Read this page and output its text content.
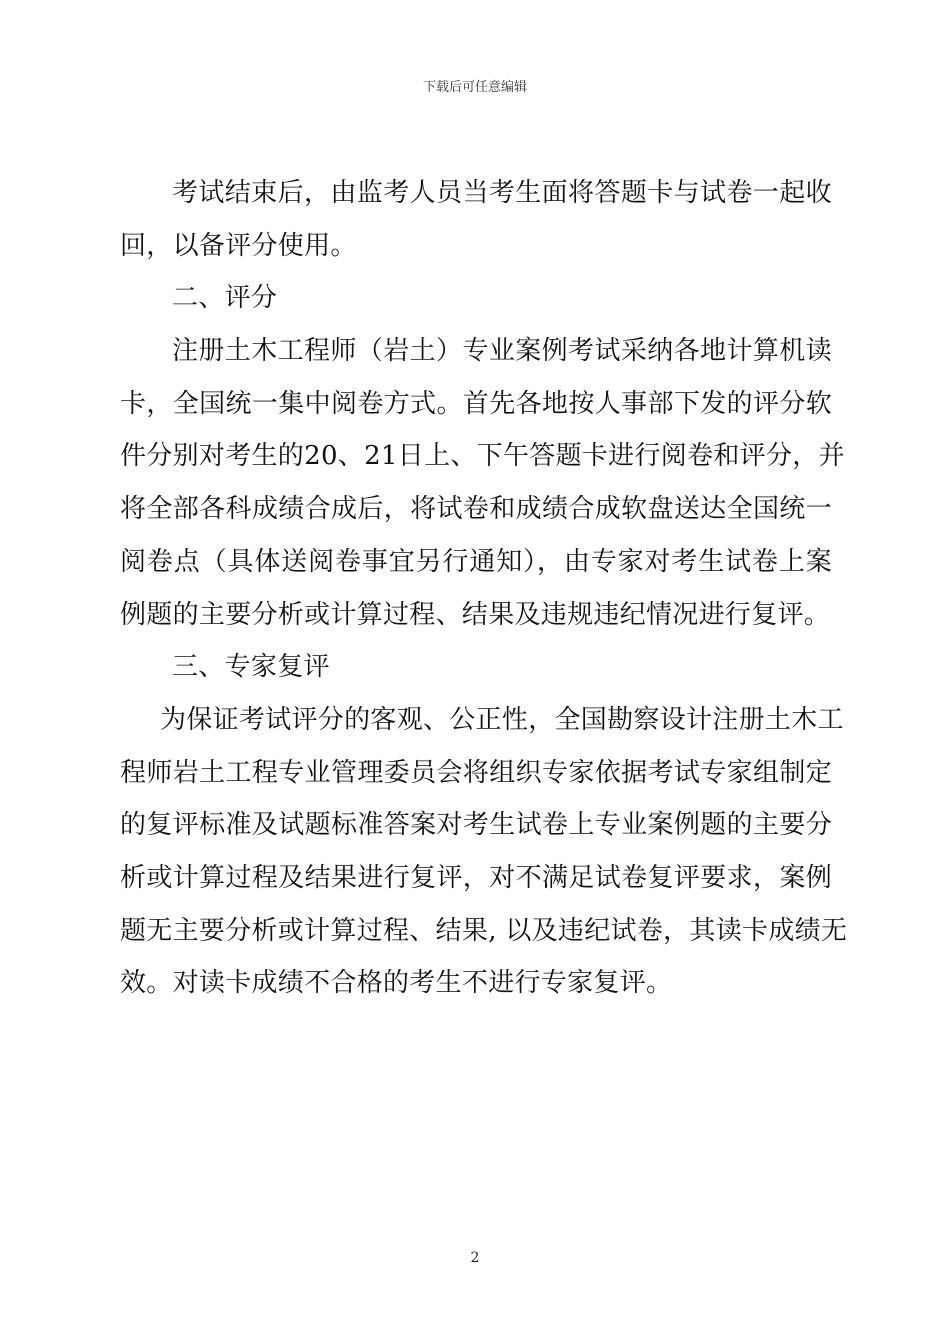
下载后可任意编辑
考试结束后，由监考人员当考生面将答题卡与试卷一起收
回，以备评分使用。
二、评分
注册土木工程师（岩土）专业案例考试采纳各地计算机读
卡，全国统一集中阅卷方式。首先各地按人事部下发的评分软
件分别对考生的20、21日上、下午答题卡进行阅卷和评分，并
将全部各科成绩合成后，将试卷和成绩合成软盘送达全国统一
阅卷点（具体送阅卷事宜另行通知），由专家对考生试卷上案
例题的主要分析或计算过程、结果及违规违纪情况进行复评。
三、专家复评
为保证考试评分的客观、公正性，全国勘察设计注册土木工
程师岩土工程专业管理委员会将组织专家依据考试专家组制定
的复评标准及试题标准答案对考生试卷上专业案例题的主要分
析或计算过程及结果进行复评，对不满足试卷复评要求，案例
题无主要分析或计算过程、结果, 以及违纪试卷，其读卡成绩无
效。对读卡成绩不合格的考生不进行专家复评。
2
